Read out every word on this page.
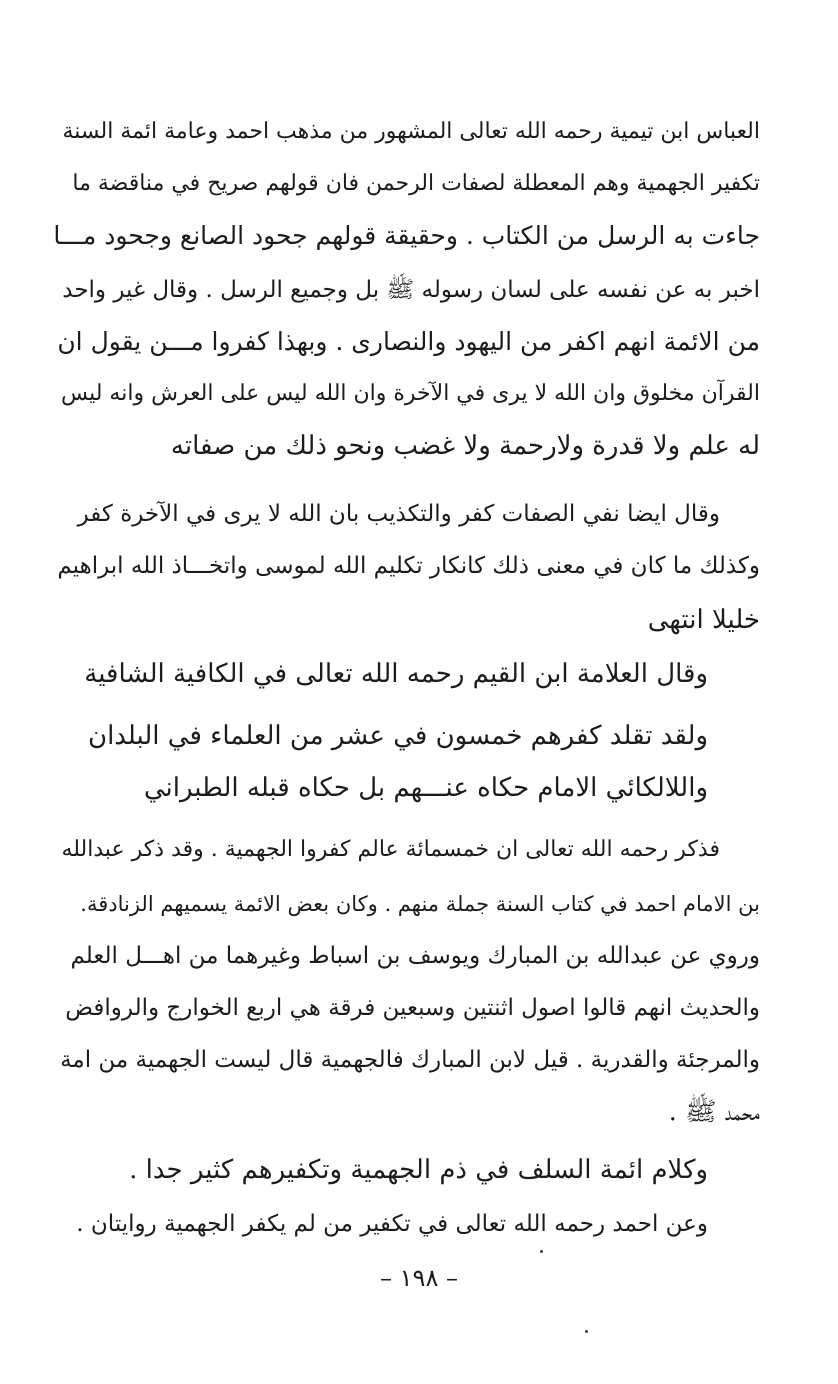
العباس ابن تيمية رحمه الله تعالى المشهور من مذهب احمد وعامة ائمة السنة
تكفير الجهمية وهم المعطلة لصفات الرحمن فان قولهم صريح في مناقضة ما
جاءت به الرسل من الكتاب . وحقيقة قولهم جحود الصانع وجحود مـــا
اخبر به عن نفسه على لسان رسوله ﷺ بل وجميع الرسل . وقال غير واحد
من الائمة انهم اكفر من اليهود والنصارى . وبهذا كفروا مـــن يقول ان
القرآن مخلوق وان الله لا يرى في الآخرة وان الله ليس على العرش وانه ليس
له علم ولا قدرة ولارحمة ولا غضب ونحو ذلك من صفاته
وقال ايضا نفي الصفات كفر والتكذيب بان الله لا يرى في الآخرة كفر
وكذلك ما كان في معنى ذلك كانكار تكليم الله لموسى واتخـــاذ الله ابراهيم
خليلا انتهى
وقال العلامة ابن القيم رحمه الله تعالى في الكافية الشافية
ولقد تقلد كفرهم خمسون في عشر من العلماء في البلدان
واللالكائي الامام حكاه عنـــهم بل حكاه قبله الطبراني
فذكر رحمه الله تعالى ان خمسمائة عالم كفروا الجهمية . وقد ذكر عبدالله
بن الامام احمد في كتاب السنة جملة منهم . وكان بعض الائمة يسميهم الزنادقة.
وروي عن عبدالله بن المبارك ويوسف بن اسباط وغيرهما من اهـــل العلم
والحديث انهم قالوا اصول اثنتين وسبعين فرقة هي اربع الخوارج والروافض
والمرجئة والقدرية . قيل لابن المبارك فالجهمية قال ليست الجهمية من امة
محمد ﷺ .
وكلام ائمة السلف في ذم الجهمية وتكفيرهم كثير جدا .
وعن احمد رحمه الله تعالى في تكفير من لم يكفر الجهمية روايتان .
– ١٩٨ –
